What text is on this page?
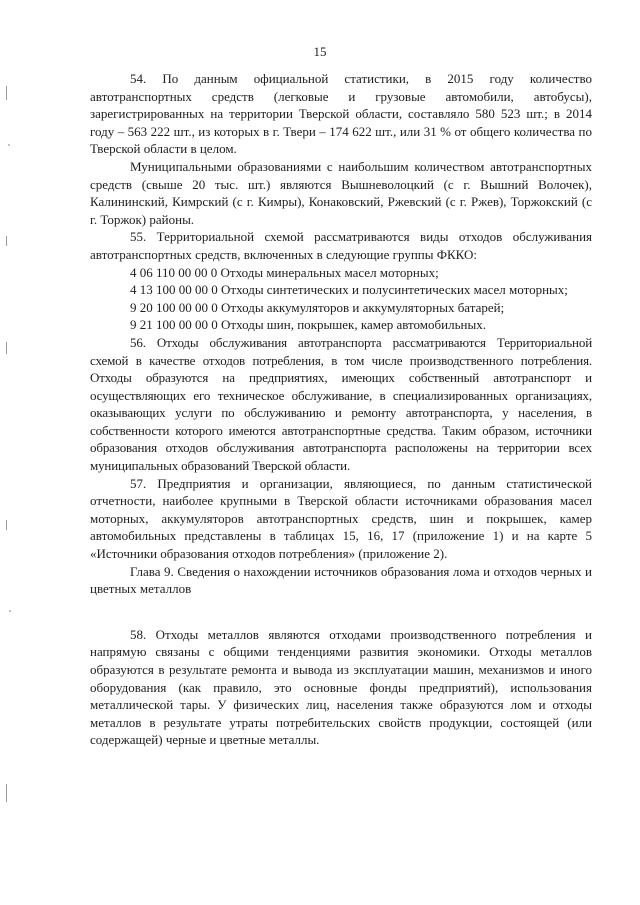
15

54. По данным официальной статистики, в 2015 году количество автотранспортных средств (легковые и грузовые автомобили, автобусы), зарегистрированных на территории Тверской области, составляло 580 523 шт.; в 2014 году – 563 222 шт., из которых в г. Твери – 174 622 шт., или 31 % от общего количества по Тверской области в целом.

Муниципальными образованиями с наибольшим количеством автотранспортных средств (свыше 20 тыс. шт.) являются Вышневолоцкий (с г. Вышний Волочек), Калининский, Кимрский (с г. Кимры), Конаковский, Ржевский (с г. Ржев), Торжокский (с г. Торжок) районы.

55. Территориальной схемой рассматриваются виды отходов обслуживания автотранспортных средств, включенных в следующие группы ФККО:

4 06 110 00 00 0 Отходы минеральных масел моторных;

4 13 100 00 00 0 Отходы синтетических и полусинтетических масел моторных;

9 20 100 00 00 0 Отходы аккумуляторов и аккумуляторных батарей;

9 21 100 00 00 0 Отходы шин, покрышек, камер автомобильных.

56. Отходы обслуживания автотранспорта рассматриваются Территориальной схемой в качестве отходов потребления, в том числе производственного потребления. Отходы образуются на предприятиях, имеющих собственный автотранспорт и осуществляющих его техническое обслуживание, в специализированных организациях, оказывающих услуги по обслуживанию и ремонту автотранспорта, у населения, в собственности которого имеются автотранспортные средства. Таким образом, источники образования отходов обслуживания автотранспорта расположены на территории всех муниципальных образований Тверской области.

57. Предприятия и организации, являющиеся, по данным статистической отчетности, наиболее крупными в Тверской области источниками образования масел моторных, аккумуляторов автотранспортных средств, шин и покрышек, камер автомобильных представлены в таблицах 15, 16, 17 (приложение 1) и на карте 5 «Источники образования отходов потребления» (приложение 2).

Глава 9. Сведения о нахождении источников образования лома и отходов черных и цветных металлов

58. Отходы металлов являются отходами производственного потребления и напрямую связаны с общими тенденциями развития экономики. Отходы металлов образуются в результате ремонта и вывода из эксплуатации машин, механизмов и иного оборудования (как правило, это основные фонды предприятий), использования металлической тары. У физических лиц, населения также образуются лом и отходы металлов в результате утраты потребительских свойств продукции, состоящей (или содержащей) черные и цветные металлы.
